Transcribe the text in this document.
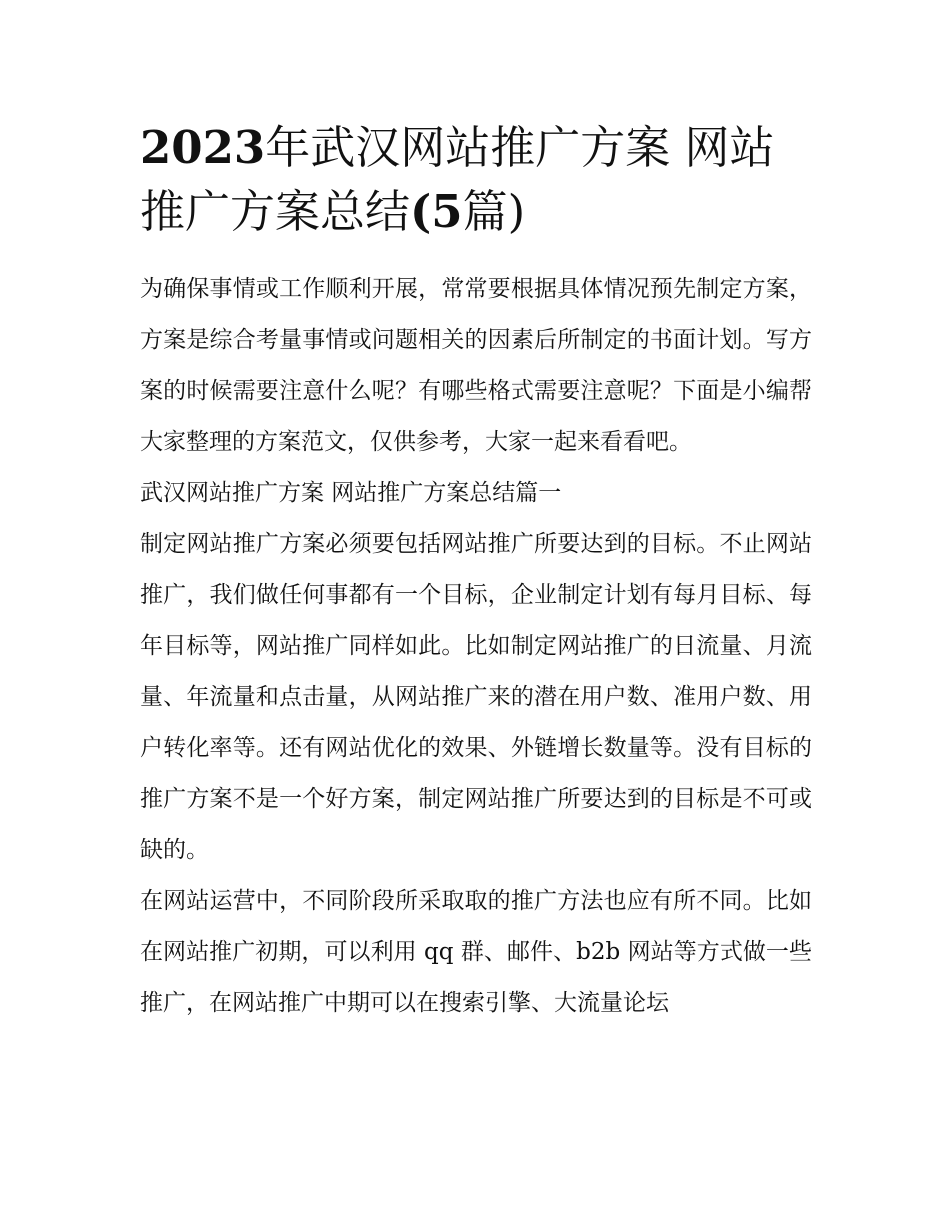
2023年武汉网站推广方案 网站推广方案总结(5篇)

为确保事情或工作顺利开展，常常要根据具体情况预先制定方案，方案是综合考量事情或问题相关的因素后所制定的书面计划。写方案的时候需要注意什么呢？有哪些格式需要注意呢？下面是小编帮大家整理的方案范文，仅供参考，大家一起来看看吧。

武汉网站推广方案 网站推广方案总结篇一

制定网站推广方案必须要包括网站推广所要达到的目标。不止网站推广，我们做任何事都有一个目标，企业制定计划有每月目标、每年目标等，网站推广同样如此。比如制定网站推广的日流量、月流量、年流量和点击量，从网站推广来的潜在用户数、准用户数、用户转化率等。还有网站优化的效果、外链增长数量等。没有目标的推广方案不是一个好方案，制定网站推广所要达到的目标是不可或缺的。

在网站运营中，不同阶段所采取取的推广方法也应有所不同。比如在网站推广初期，可以利用 qq 群、邮件、b2b 网站等方式做一些推广，在网站推广中期可以在搜索引擎、大流量论坛
